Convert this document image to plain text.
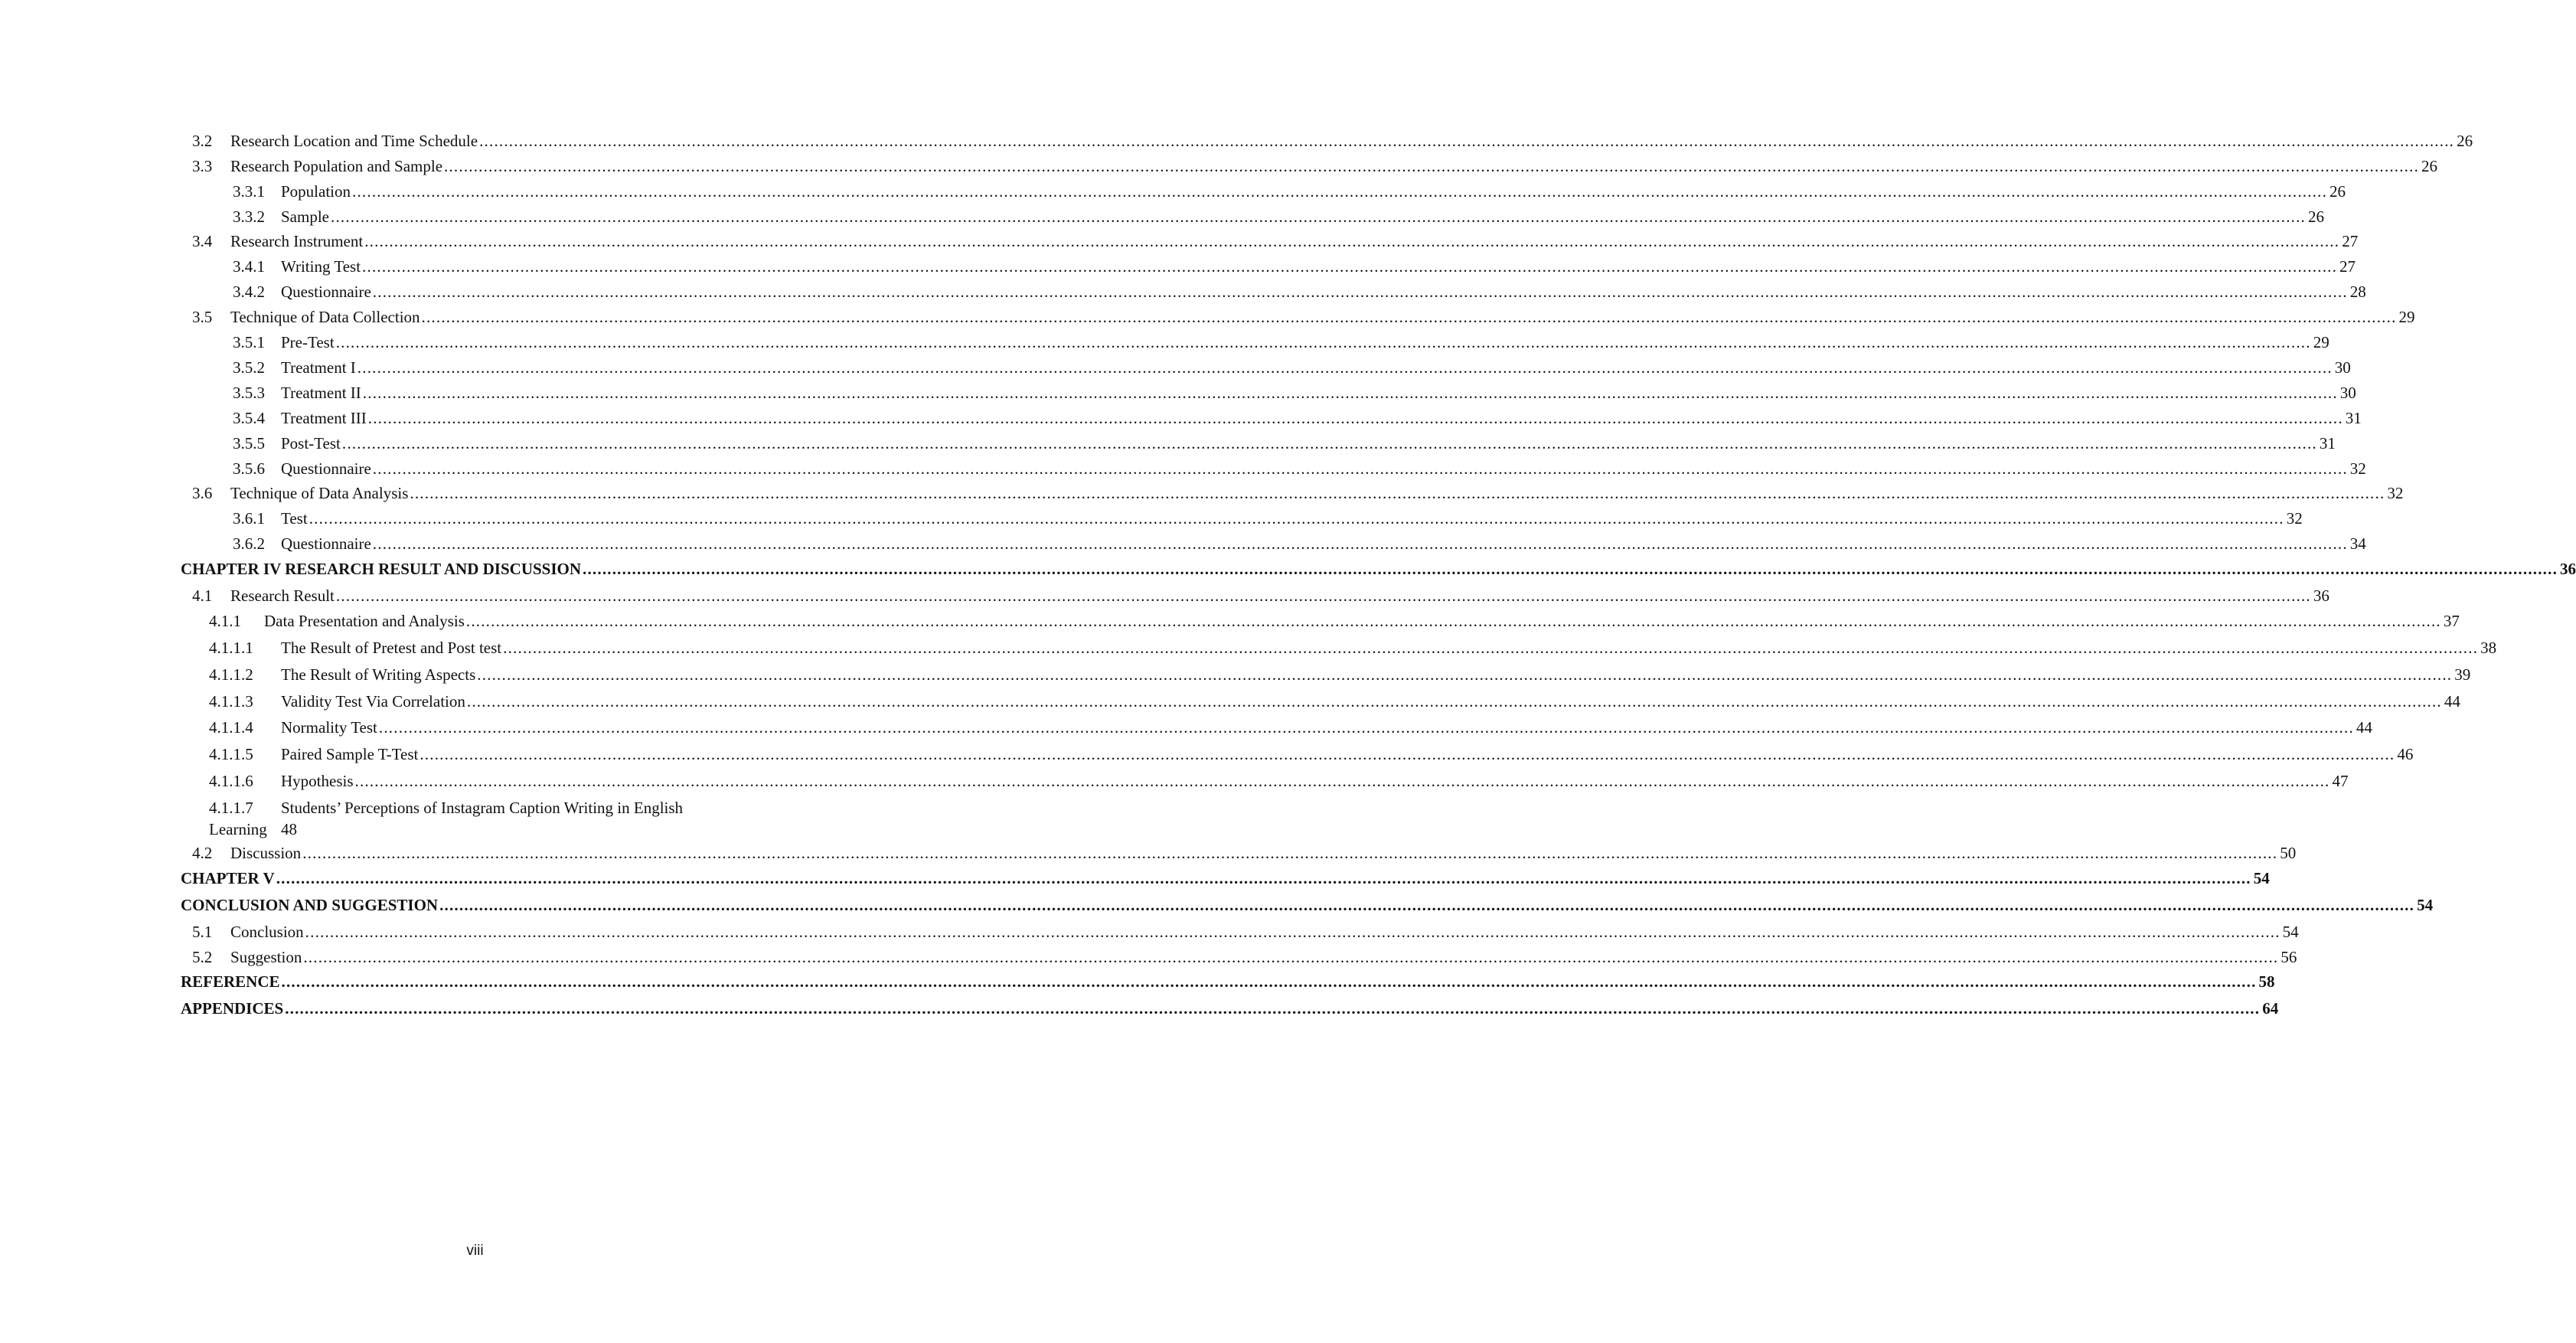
3.2 Research Location and Time Schedule ................................................................................................................................................................................................................................................................................................................................................................................................................ 26
3.3 Research Population and Sample ................................................................................................................................................................................................................................................................................................................................................................................................................ 26
3.3.1 Population ................................................................................................................................................................................................................................................................................................................................................................................................................ 26
3.3.2 Sample ................................................................................................................................................................................................................................................................................................................................................................................................................ 26
3.4 Research Instrument ................................................................................................................................................................................................................................................................................................................................................................................................................ 27
3.4.1 Writing Test ................................................................................................................................................................................................................................................................................................................................................................................................................ 27
3.4.2 Questionnaire ................................................................................................................................................................................................................................................................................................................................................................................................................ 28
3.5 Technique of Data Collection ................................................................................................................................................................................................................................................................................................................................................................................................................ 29
3.5.1 Pre-Test ................................................................................................................................................................................................................................................................................................................................................................................................................ 29
3.5.2 Treatment I ................................................................................................................................................................................................................................................................................................................................................................................................................ 30
3.5.3 Treatment II ................................................................................................................................................................................................................................................................................................................................................................................................................ 30
3.5.4 Treatment III ................................................................................................................................................................................................................................................................................................................................................................................................................ 31
3.5.5 Post-Test ................................................................................................................................................................................................................................................................................................................................................................................................................ 31
3.5.6 Questionnaire ................................................................................................................................................................................................................................................................................................................................................................................................................ 32
3.6 Technique of Data Analysis ................................................................................................................................................................................................................................................................................................................................................................................................................ 32
3.6.1 Test ................................................................................................................................................................................................................................................................................................................................................................................................................ 32
3.6.2 Questionnaire ................................................................................................................................................................................................................................................................................................................................................................................................................ 34
CHAPTER IV RESEARCH RESULT AND DISCUSSION ................................................................................................................................................................................................................................................................................................................................................................................................................ 36
4.1 Research Result ................................................................................................................................................................................................................................................................................................................................................................................................................ 36
4.1.1 Data Presentation and Analysis ................................................................................................................................................................................................................................................................................................................................................................................................................ 37
4.1.1.1 The Result of Pretest and Post test ................................................................................................................................................................................................................................................................................................................................................................................................................ 38
4.1.1.2 The Result of Writing Aspects ................................................................................................................................................................................................................................................................................................................................................................................................................ 39
4.1.1.3 Validity Test Via Correlation ................................................................................................................................................................................................................................................................................................................................................................................................................ 44
4.1.1.4 Normality Test ................................................................................................................................................................................................................................................................................................................................................................................................................ 44
4.1.1.5 Paired Sample T-Test ................................................................................................................................................................................................................................................................................................................................................................................................................ 46
4.1.1.6 Hypothesis ................................................................................................................................................................................................................................................................................................................................................................................................................ 47
4.1.1.7 Students’ Perceptions of Instagram Caption Writing in English
Learning 48
4.2 Discussion ................................................................................................................................................................................................................................................................................................................................................................................................................ 50
CHAPTER V ................................................................................................................................................................................................................................................................................................................................................................................................................ 54
CONCLUSION AND SUGGESTION ................................................................................................................................................................................................................................................................................................................................................................................................................ 54
5.1 Conclusion ................................................................................................................................................................................................................................................................................................................................................................................................................ 54
5.2 Suggestion ................................................................................................................................................................................................................................................................................................................................................................................................................ 56
REFERENCE ................................................................................................................................................................................................................................................................................................................................................................................................................ 58
APPENDICES ................................................................................................................................................................................................................................................................................................................................................................................................................ 64
viii
